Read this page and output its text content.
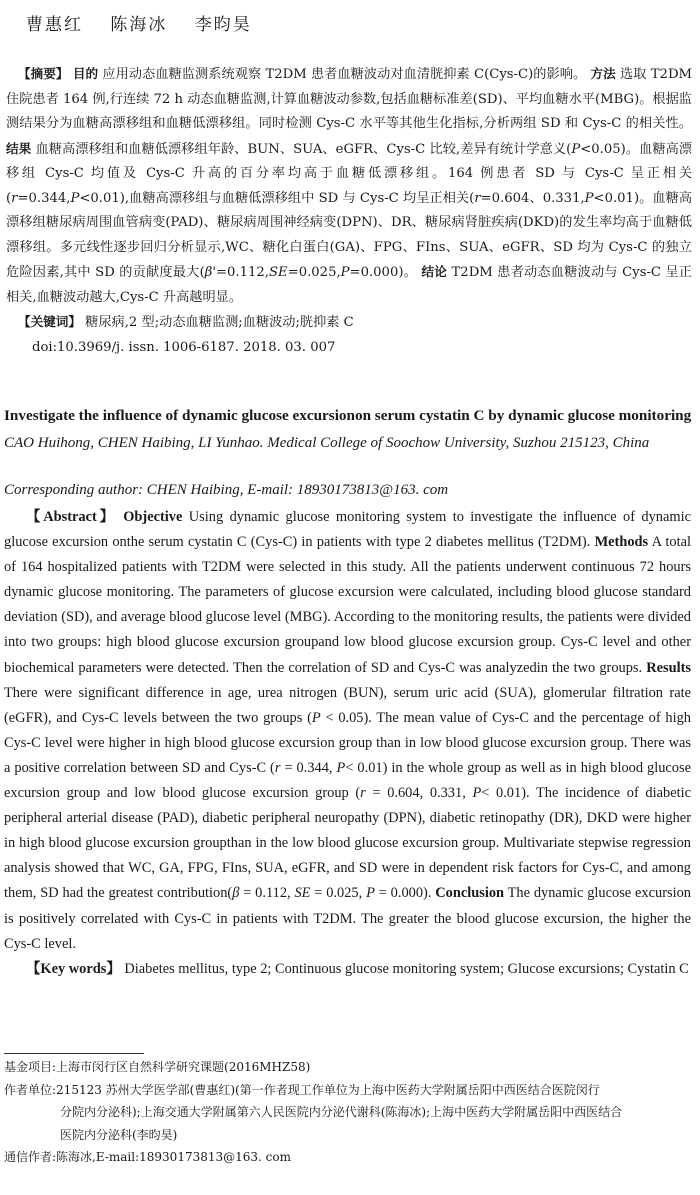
曹惠红 陈海冰 李昀昊

【摘要】 目的 应用动态血糖监测系统观察 T2DM 患者血糖波动对血清胱抑素 C(Cys-C)的影响。 方法 选取 T2DM 住院患者 164 例,行连续 72 h 动态血糖监测,计算血糖波动参数,包括血糖标准差(SD)、平均血糖水平(MBG)。根据监测结果分为血糖高漂移组和血糖低漂移组。同时检测 Cys-C 水平等其他生化指标,分析两组 SD 和 Cys-C 的相关性。 结果 血糖高漂移组和血糖低漂移组年龄、BUN、SUA、eGFR、Cys-C 比较,差异有统计学意义(P<0.05)。血糖高漂移组 Cys-C 均值及 Cys-C 升高的百分率均高于血糖低漂移组。164 例患者 SD 与 Cys-C 呈正相关(r=0.344,P<0.01),血糖高漂移组与血糖低漂移组中 SD 与 Cys-C 均呈正相关(r=0.604、0.331,P<0.01)。血糖高漂移组糖尿病周围血管病变(PAD)、糖尿病周围神经病变(DPN)、DR、糖尿病肾脏疾病(DKD)的发生率均高于血糖低漂移组。多元线性逐步回归分析显示,WC、糖化白蛋白(GA)、FPG、FIns、SUA、eGFR、SD 均为 Cys-C 的独立危险因素,其中 SD 的贡献度最大(β'=0.112,SE=0.025,P=0.000)。 结论 T2DM 患者动态血糖波动与 Cys-C 呈正相关,血糖波动越大,Cys-C 升高越明显。

【关键词】 糖尿病,2 型;动态血糖监测;血糖波动;胱抑素 C

doi:10.3969/j. issn. 1006-6187. 2018. 03. 007

Investigate the influence of dynamic glucose excursionon serum cystatin C by dynamic glucose monitoring
CAO Huihong, CHEN Haibing, LI Yunhao. Medical College of Soochow University, Suzhou 215123, China
Corresponding author: CHEN Haibing, E-mail: 18930173813@163. com

【Abstract】 Objective Using dynamic glucose monitoring system to investigate the influence of dynamic glucose excursion onthe serum cystatin C (Cys-C) in patients with type 2 diabetes mellitus (T2DM). Methods A total of 164 hospitalized patients with T2DM were selected in this study. All the patients underwent continuous 72 hours dynamic glucose monitoring. The parameters of glucose excursion were calculated, including blood glucose standard deviation (SD), and average blood glucose level (MBG). According to the monitoring results, the patients were divided into two groups: high blood glucose excursion groupand low blood glucose excursion group. Cys-C level and other biochemical parameters were detected. Then the correlation of SD and Cys-C was analyzedin the two groups. Results There were significant difference in age, urea nitrogen (BUN), serum uric acid (SUA), glomerular filtration rate (eGFR), and Cys-C levels between the two groups (P < 0.05). The mean value of Cys-C and the percentage of high Cys-C level were higher in high blood glucose excursion group than in low blood glucose excursion group. There was a positive correlation between SD and Cys-C (r = 0.344, P< 0.01) in the whole group as well as in high blood glucose excursion group and low blood glucose excursion group (r = 0.604, 0.331, P< 0.01). The incidence of diabetic peripheral arterial disease (PAD), diabetic peripheral neuropathy (DPN), diabetic retinopathy (DR), DKD were higher in high blood glucose excursion groupthan in the low blood glucose excursion group. Multivariate stepwise regression analysis showed that WC, GA, FPG, FIns, SUA, eGFR, and SD were in dependent risk factors for Cys-C, and among them, SD had the greatest contribution(β = 0.112, SE = 0.025, P = 0.000). Conclusion The dynamic glucose excursion is positively correlated with Cys-C in patients with T2DM. The greater the blood glucose excursion, the higher the Cys-C level.

【Key words】 Diabetes mellitus, type 2; Continuous glucose monitoring system; Glucose excursions; Cystatin C

基金项目:上海市闵行区自然科学研究课题(2016MHZ58)
作者单位:215123 苏州大学医学部(曹惠红)(第一作者现工作单位为上海中医药大学附属岳阳中西医结合医院闵行
分院内分泌科);上海交通大学附属第六人民医院内分泌代谢科(陈海冰);上海中医药大学附属岳阳中西医结合
医院内分泌科(李昀昊)
通信作者:陈海冰,E-mail:18930173813@163. com
